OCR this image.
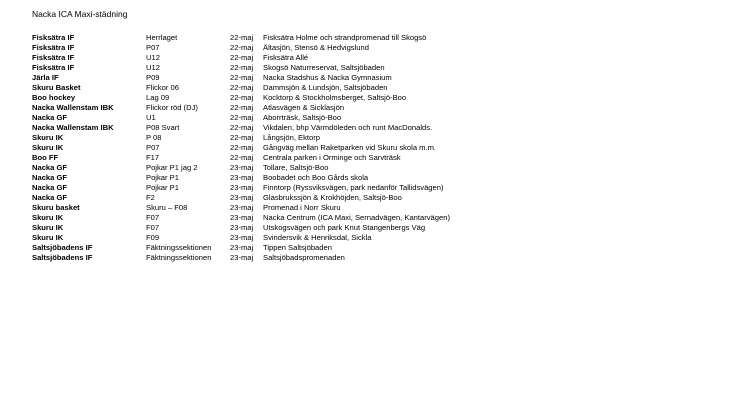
Nacka ICA Maxi-städning
Fisksätra IF	Herrlaget	22-maj Fisksätra Holme och strandpromenad till Skogsö
Fisksätra IF	P07	22-maj Ältasjön, Stensö & Hedvigslund
Fisksätra IF	U12	22-maj Fisksätra Allé
Fisksätra IF	U12	22-maj Skogsö Naturreservat, Saltsjöbaden
Järla IF	P09	22-maj Nacka Stadshus & Nacka Gymnasium
Skuru Basket	Flickor 06	22-maj Dammsjön & Lundsjön, Saltsjöbaden
Boo hockey	Lag 09	22-maj Kocktorp & Stockholmsberget, Saltsjö-Boo
Nacka Wallenstam IBK	Flickor röd (DJ)	22-maj Atlasvägen & Sicklasjön
Nacka GF	U1	22-maj Aborrträsk, Saltsjö-Boo
Nacka Wallenstam IBK	P08 Svart	22-maj Vikdalen, bhp Värmdöleden och runt MacDonalds.
Skuru IK	P 08	22-maj Långsjön, Ektorp
Skuru IK	P07	22-maj Gångväg mellan Raketparken vid Skuru skola m.m.
Boo FF	F17	22-maj Centrala parken i Orminge och Sarvträsk
Nacka GF	Pojkar P1 jag 2	23-maj Tollare, Saltsjö-Boo
Nacka GF	Pojkar P1	23-maj Boobadet och Boo Gårds skola
Nacka GF	Pojkar P1	23-maj Finntorp (Ryssviksvägen, park nedanför Tallidsvägen)
Nacka GF	F2	23-maj Glasbrukssjön & Krokhöjden, Saltsjö-Boo
Skuru basket	Skuru – F08	23-maj Promenad i Norr Skuru
Skuru IK	F07	23-maj Nacka Centrum (ICA Maxi, Sernadvägen, Kantarvägen)
Skuru IK	F07	23-maj Utskogsvägen och park Knut Stangenbergs Väg
Skuru IK	F09	23-maj Svindersvik & Henriksdal, Sickla
Saltsjöbadens IF	Fäktningssektionen 23-maj Tippen Saltsjöbaden
Saltsjöbadens IF	Fäktningssektionen 23-maj Saltsjöbadspromenaden
